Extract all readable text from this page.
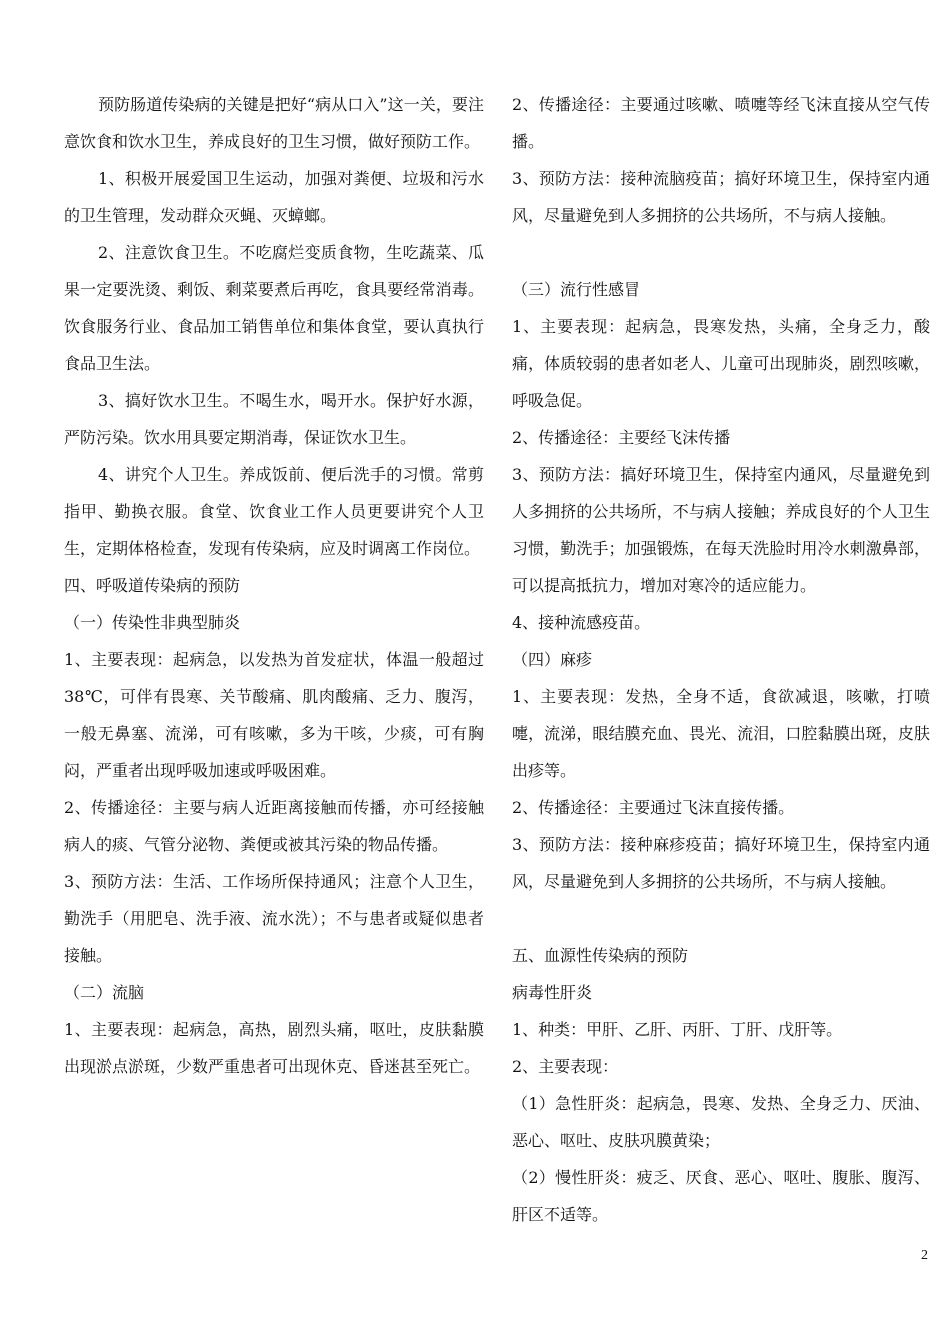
预防肠道传染病的关键是把好“病从口入”这一关，要注意饮食和饮水卫生，养成良好的卫生习惯，做好预防工作。

1、积极开展爱国卫生运动，加强对粪便、垃圾和污水的卫生管理，发动群众灭蝇、灭蟑螂。

2、注意饮食卫生。不吃腐烂变质食物，生吃蔬菜、瓜果一定要洗烫、剩饭、剩菜要煮后再吃，食具要经常消毒。饮食服务行业、食品加工销售单位和集体食堂，要认真执行食品卫生法。

3、搞好饮水卫生。不喝生水，喝开水。保护好水源，严防污染。饮水用具要定期消毒，保证饮水卫生。

4、讲究个人卫生。养成饭前、便后洗手的习惯。常剪指甲、勤换衣服。食堂、饮食业工作人员更要讲究个人卫生，定期体格检查，发现有传染病，应及时调离工作岗位。

四、呼吸道传染病的预防

（一）传染性非典型肺炎

1、主要表现：起病急，以发热为首发症状，体温一般超过 38℃，可伴有畏寒、关节酸痛、肌肉酸痛、乏力、腹泻，一般无鼻塞、流涕，可有咳嗽，多为干咳，少痰，可有胸闷，严重者出现呼吸加速或呼吸困难。

2、传播途径：主要与病人近距离接触而传播，亦可经接触病人的痰、气管分泌物、粪便或被其污染的物品传播。

3、预防方法：生活、工作场所保持通风；注意个人卫生，勤洗手（用肥皂、洗手液、流水洗）；不与患者或疑似患者接触。

（二）流脑

1、主要表现：起病急，高热，剧烈头痛，呕吐，皮肤黏膜出现淤点淤斑，少数严重患者可出现休克、昏迷甚至死亡。

2、传播途径：主要通过咳嗽、喷嚏等经飞沫直接从空气传播。

3、预防方法：接种流脑疫苗；搞好环境卫生，保持室内通风，尽量避免到人多拥挤的公共场所，不与病人接触。

（三）流行性感冒

1、主要表现：起病急，畏寒发热，头痛，全身乏力，酸痛，体质较弱的患者如老人、儿童可出现肺炎，剧烈咳嗽，呼吸急促。

2、传播途径：主要经飞沫传播

3、预防方法：搞好环境卫生，保持室内通风，尽量避免到人多拥挤的公共场所，不与病人接触；养成良好的个人卫生习惯，勤洗手；加强锻炼，在每天洗脸时用冷水刺激鼻部，可以提高抵抗力，增加对寒冷的适应能力。

4、接种流感疫苗。

（四）麻疹

1、主要表现：发热，全身不适，食欲减退，咳嗽，打喷嚏，流涕，眼结膜充血、畏光、流泪，口腔黏膜出斑，皮肤出疹等。

2、传播途径：主要通过飞沫直接传播。

3、预防方法：接种麻疹疫苗；搞好环境卫生，保持室内通风，尽量避免到人多拥挤的公共场所，不与病人接触。

五、血源性传染病的预防

病毒性肝炎

1、种类：甲肝、乙肝、丙肝、丁肝、戊肝等。

2、主要表现：

（1）急性肝炎：起病急，畏寒、发热、全身乏力、厌油、恶心、呕吐、皮肤巩膜黄染；

（2）慢性肝炎：疲乏、厌食、恶心、呕吐、腹胀、腹泻、肝区不适等。

2
